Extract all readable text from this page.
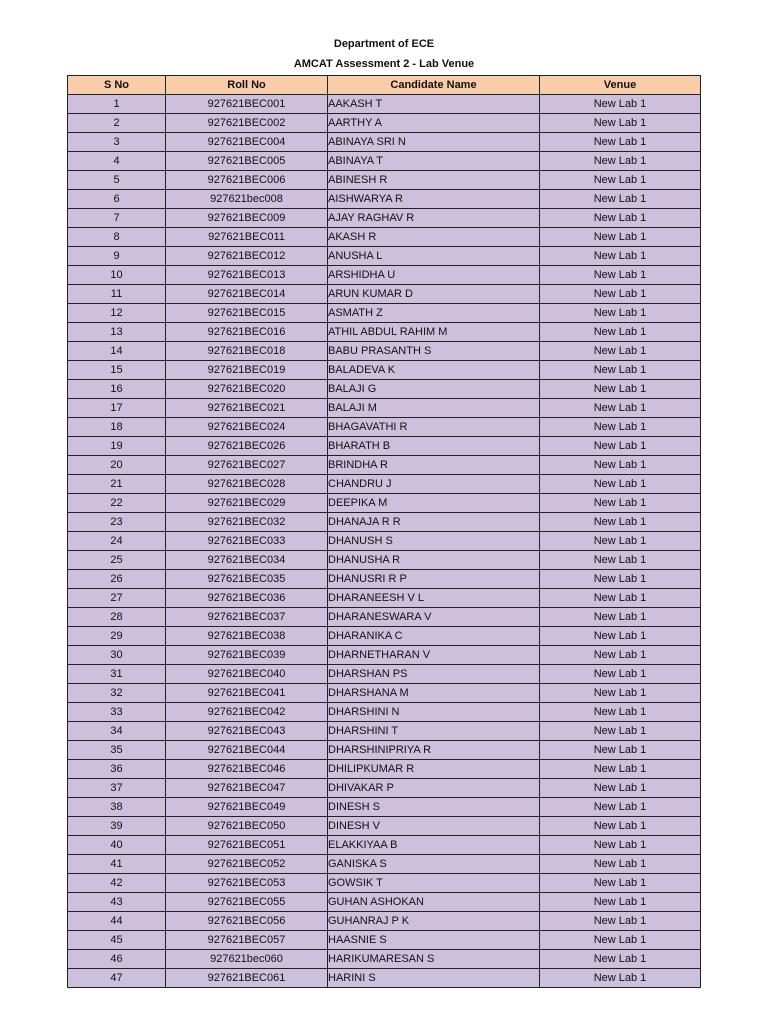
Department of ECE
AMCAT Assessment 2 - Lab Venue
S No	Roll No	Candidate Name	Venue
1	927621BEC001	AAKASH T	New Lab 1
2	927621BEC002	AARTHY A	New Lab 1
3	927621BEC004	ABINAYA SRI N	New Lab 1
4	927621BEC005	ABINAYA T	New Lab 1
5	927621BEC006	ABINESH R	New Lab 1
6	927621bec008	AISHWARYA R	New Lab 1
7	927621BEC009	AJAY RAGHAV R	New Lab 1
8	927621BEC011	AKASH R	New Lab 1
9	927621BEC012	ANUSHA L	New Lab 1
10	927621BEC013	ARSHIDHA U	New Lab 1
11	927621BEC014	ARUN KUMAR D	New Lab 1
12	927621BEC015	ASMATH Z	New Lab 1
13	927621BEC016	ATHIL ABDUL RAHIM M	New Lab 1
14	927621BEC018	BABU PRASANTH S	New Lab 1
15	927621BEC019	BALADEVA K	New Lab 1
16	927621BEC020	BALAJI G	New Lab 1
17	927621BEC021	BALAJI M	New Lab 1
18	927621BEC024	BHAGAVATHI R	New Lab 1
19	927621BEC026	BHARATH B	New Lab 1
20	927621BEC027	BRINDHA R	New Lab 1
21	927621BEC028	CHANDRU J	New Lab 1
22	927621BEC029	DEEPIKA M	New Lab 1
23	927621BEC032	DHANAJA R R	New Lab 1
24	927621BEC033	DHANUSH S	New Lab 1
25	927621BEC034	DHANUSHA R	New Lab 1
26	927621BEC035	DHANUSRI R P	New Lab 1
27	927621BEC036	DHARANEESH V L	New Lab 1
28	927621BEC037	DHARANESWARA V	New Lab 1
29	927621BEC038	DHARANIKA C	New Lab 1
30	927621BEC039	DHARNETHARAN V	New Lab 1
31	927621BEC040	DHARSHAN PS	New Lab 1
32	927621BEC041	DHARSHANA M	New Lab 1
33	927621BEC042	DHARSHINI N	New Lab 1
34	927621BEC043	DHARSHINI T	New Lab 1
35	927621BEC044	DHARSHINIPRIYA R	New Lab 1
36	927621BEC046	DHILIPKUMAR R	New Lab 1
37	927621BEC047	DHIVAKAR P	New Lab 1
38	927621BEC049	DINESH S	New Lab 1
39	927621BEC050	DINESH V	New Lab 1
40	927621BEC051	ELAKKIYAA B	New Lab 1
41	927621BEC052	GANISKA S	New Lab 1
42	927621BEC053	GOWSIK T	New Lab 1
43	927621BEC055	GUHAN ASHOKAN	New Lab 1
44	927621BEC056	GUHANRAJ P K	New Lab 1
45	927621BEC057	HAASNIE S	New Lab 1
46	927621bec060	HARIKUMARESAN S	New Lab 1
47	927621BEC061	HARINI S	New Lab 1
